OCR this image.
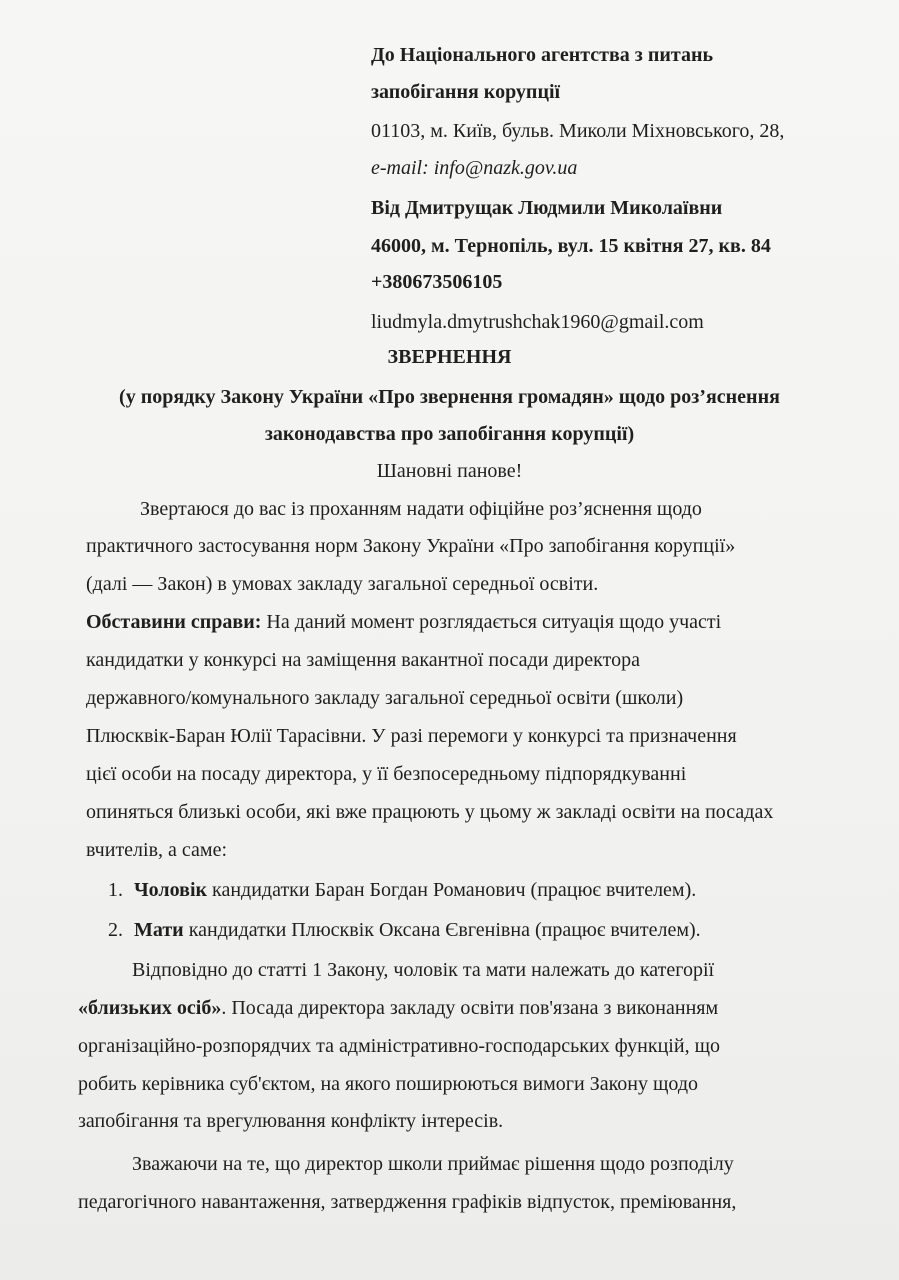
До Національного агентства з питань
запобігання корупції
01103, м. Київ, бульв. Миколи Міхновського, 28,
e-mail: info@nazk.gov.ua
Від Дмитрущак Людмили Миколаївни
46000, м. Тернопіль, вул. 15 квітня 27, кв. 84
+380673506105
liudmyla.dmytrushchak1960@gmail.com
ЗВЕРНЕННЯ
(у порядку Закону України «Про звернення громадян» щодо роз’яснення
законодавства про запобігання корупції)
Шановні панове!
Звертаюся до вас із проханням надати офіційне роз’яснення щодо
практичного застосування норм Закону України «Про запобігання корупції»
(далі — Закон) в умовах закладу загальної середньої освіти.
Обставини справи: На даний момент розглядається ситуація щодо участі
кандидатки у конкурсі на заміщення вакантної посади директора
державного/комунального закладу загальної середньої освіти (школи)
Плюсквік-Баран Юлії Тарасівни. У разі перемоги у конкурсі та призначення
цієї особи на посаду директора, у її безпосередньому підпорядкуванні
опиняться близькі особи, які вже працюють у цьому ж закладі освіти на посадах
вчителів, а саме:
1. Чоловік кандидатки Баран Богдан Романович (працює вчителем).
2. Мати кандидатки Плюсквік Оксана Євгенівна (працює вчителем).
Відповідно до статті 1 Закону, чоловік та мати належать до категорії
«близьких осіб». Посада директора закладу освіти пов'язана з виконанням
організаційно-розпорядчих та адміністративно-господарських функцій, що
робить керівника суб'єктом, на якого поширюються вимоги Закону щодо
запобігання та врегулювання конфлікту інтересів.
Зважаючи на те, що директор школи приймає рішення щодо розподілу
педагогічного навантаження, затвердження графіків відпусток, преміювання,
